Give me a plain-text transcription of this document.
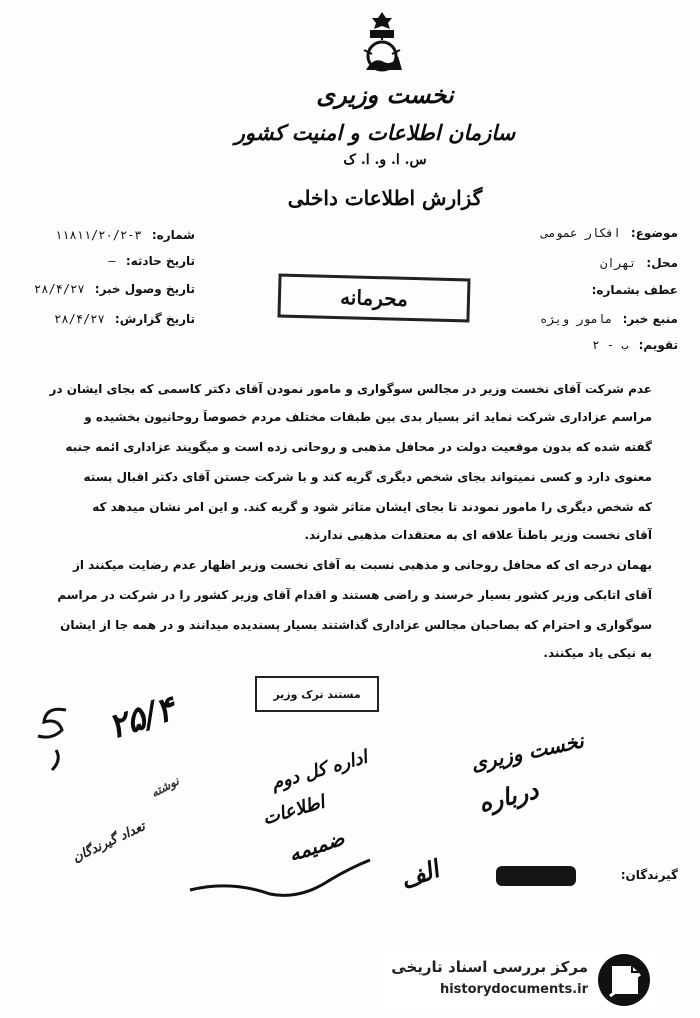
نخست وزیری
سازمان اطلاعات و امنیت کشور
س. ا. و. ا. ک
گزارش اطلاعات داخلی
موضوع: افکار عمومی
محل: تهران
عطف بشماره:
منبع خبر: مامور ویژه
تقویم: ب - ۲
شماره: ۳-۱۱۸۱۱/۲۰/۲
تاریخ حادثه: —
تاریخ وصول خبر: ۲۸/۴/۲۷
تاریخ گزارش: ۲۸/۴/۲۷
محرمانه
عدم شرکت آقای نخست وزیر در مجالس سوگواری و مامور نمودن آقای دکتر کاسمی که بجای ایشان در
مراسم عزاداری شرکت نماید اثر بسیار بدی بین طبقات مختلف مردم خصوصاً روحانیون بخشیده و
گفته شده که بدون موقعیت دولت در محافل مذهبی و روحانی زده است و میگویند عزاداری ائمه جنبه
معنوی دارد و کسی نمیتواند بجای شخص دیگری گریه کند و با شرکت جستن آقای دکتر اقبال بسته
که شخص دیگری را مامور نمودند تا بجای ایشان متاثر شود و گریه کند. و این امر نشان میدهد که
آقای نخست وزیر باطناً علاقه ای به معتقدات مذهبی ندارند.
بهمان درجه ای که محافل روحانی و مذهبی نسبت به آقای نخست وزیر اظهار عدم رضایت میکنند از
آقای اتابکی وزیر کشور بسیار خرسند و راضی هستند و اقدام آقای وزیر کشور را در شرکت در مراسم
سوگواری و احترام که بصاحبان مجالس عزاداری گذاشتند بسیار پسندیده میدانند و در همه جا از ایشان
به نیکی یاد میکنند.
مستند ترک وزیر
۲۵/۴
نخست وزیری
درباره
اداره کل دوم
اطلاعات
ضمیمه
الف
نوشته
تعداد گیرندگان
گیرندگان:
مرکز بررسی اسناد تاریخی
historydocuments.ir
